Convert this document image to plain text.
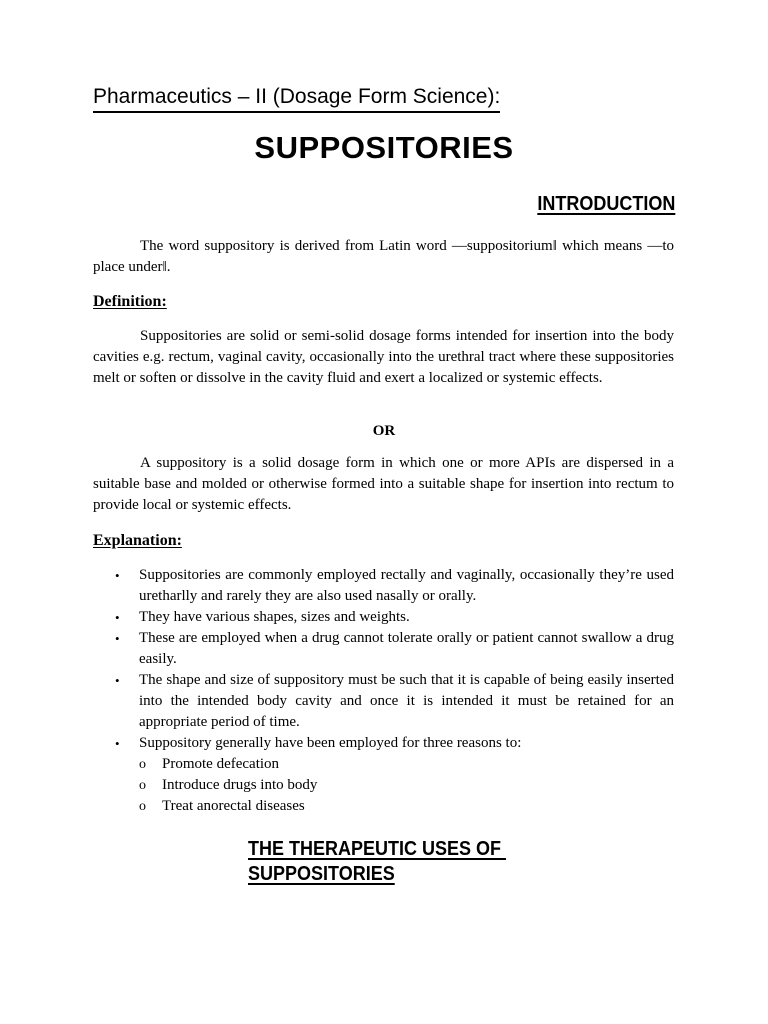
Pharmaceutics – II (Dosage Form Science):
SUPPOSITORIES
INTRODUCTION

The word suppository is derived from Latin word ―suppositorium‖ which means ―to place under‖.

Definition:

Suppositories are solid or semi-solid dosage forms intended for insertion into the body cavities e.g. rectum, vaginal cavity, occasionally into the urethral tract where these suppositories melt or soften or dissolve in the cavity fluid and exert a localized or systemic effects.

OR

A suppository is a solid dosage form in which one or more APIs are dispersed in a suitable base and molded or otherwise formed into a suitable shape for insertion into rectum to provide local or systemic effects.

Explanation:

• Suppositories are commonly employed rectally and vaginally, occasionally they’re used uretharlly and rarely they are also used nasally or orally.
• They have various shapes, sizes and weights.
• These are employed when a drug cannot tolerate orally or patient cannot swallow a drug easily.
• The shape and size of suppository must be such that it is capable of being easily inserted into the intended body cavity and once it is intended it must be retained for an appropriate period of time.
• Suppository generally have been employed for three reasons to:
o Promote defecation
o Introduce drugs into body
o Treat anorectal diseases
THE THERAPEUTIC USES OF
SUPPOSITORIES
